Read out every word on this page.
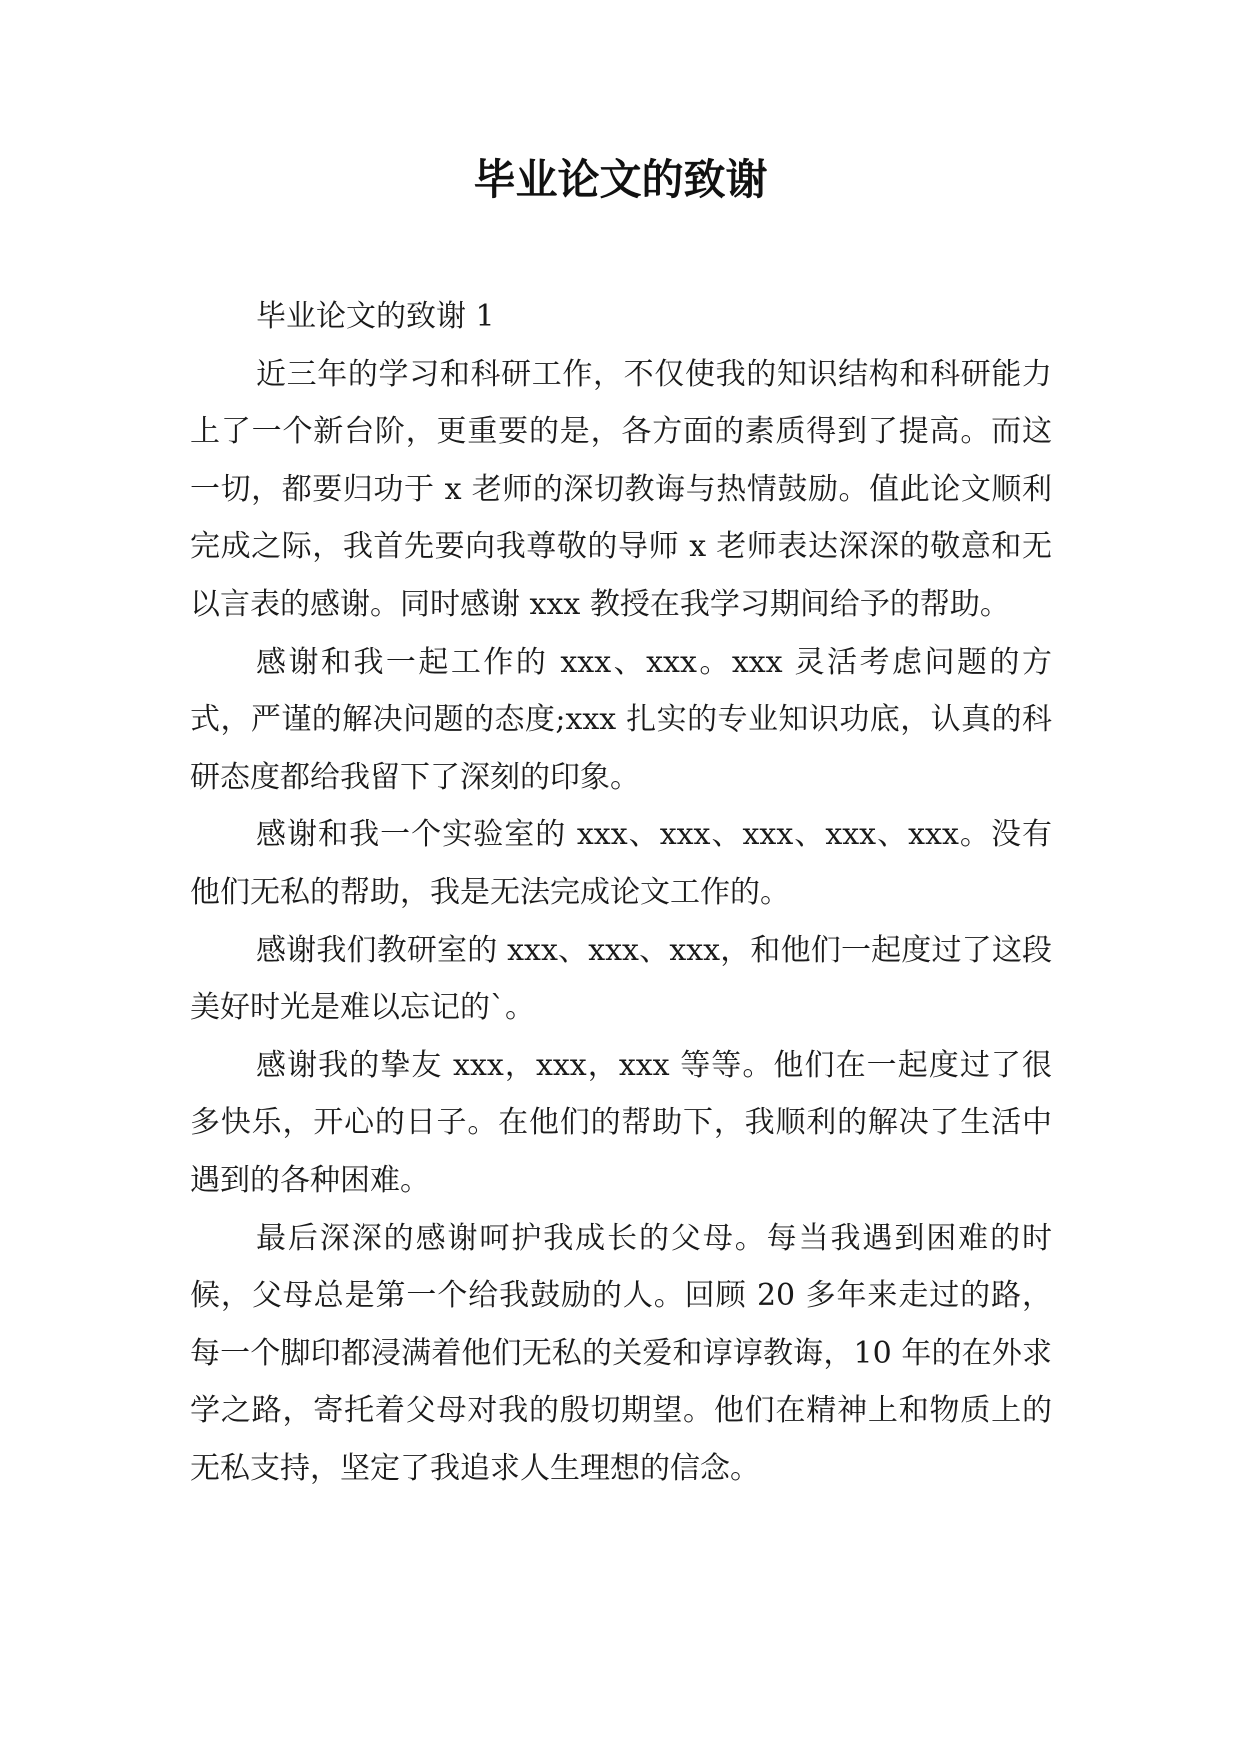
毕业论文的致谢

毕业论文的致谢 1

近三年的学习和科研工作，不仅使我的知识结构和科研能力上了一个新台阶，更重要的是，各方面的素质得到了提高。而这一切，都要归功于 x 老师的深切教诲与热情鼓励。值此论文顺利完成之际，我首先要向我尊敬的导师 x 老师表达深深的敬意和无以言表的感谢。同时感谢 xxx 教授在我学习期间给予的帮助。

感谢和我一起工作的 xxx、xxx。xxx 灵活考虑问题的方式，严谨的解决问题的态度;xxx 扎实的专业知识功底，认真的科研态度都给我留下了深刻的印象。

感谢和我一个实验室的 xxx、xxx、xxx、xxx、xxx。没有他们无私的帮助，我是无法完成论文工作的。

感谢我们教研室的 xxx、xxx、xxx，和他们一起度过了这段美好时光是难以忘记的`。

感谢我的挚友 xxx，xxx，xxx 等等。他们在一起度过了很多快乐，开心的日子。在他们的帮助下，我顺利的解决了生活中遇到的各种困难。

最后深深的感谢呵护我成长的父母。每当我遇到困难的时候，父母总是第一个给我鼓励的人。回顾 20 多年来走过的路，每一个脚印都浸满着他们无私的关爱和谆谆教诲，10 年的在外求学之路，寄托着父母对我的殷切期望。他们在精神上和物质上的无私支持，坚定了我追求人生理想的信念。
